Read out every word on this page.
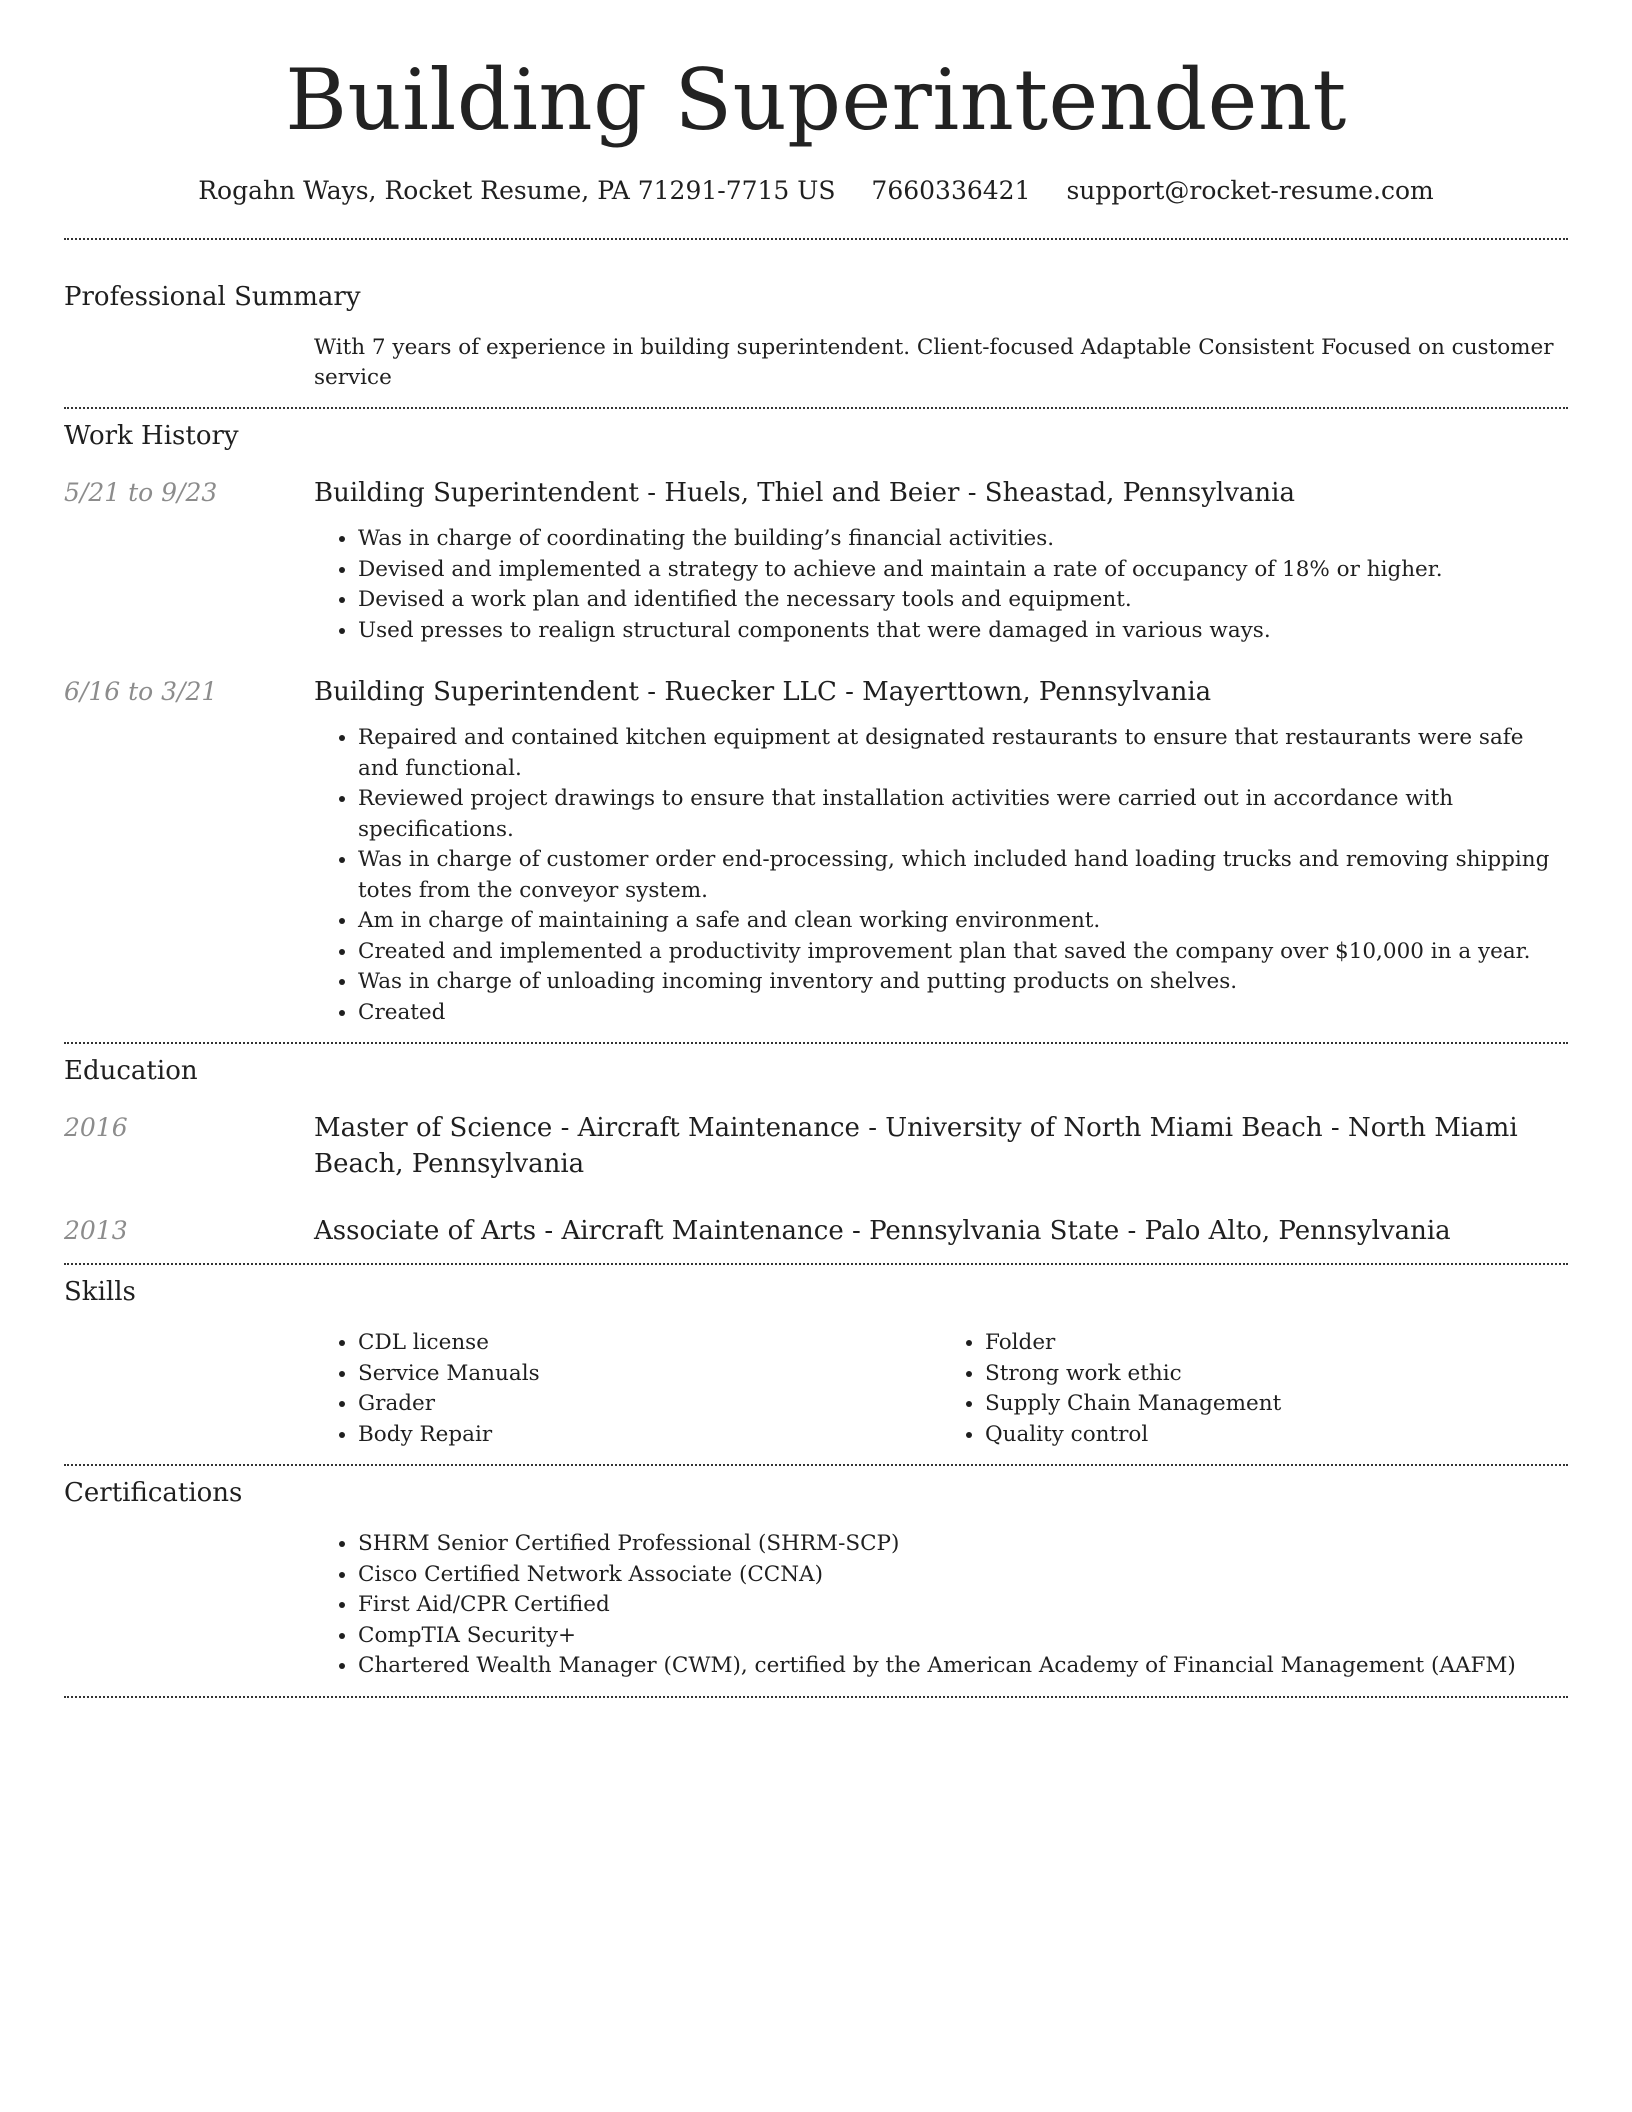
Building Superintendent
Rogahn Ways, Rocket Resume, PA 71291-7715 US 7660336421 support@rocket-resume.com
Professional Summary
With 7 years of experience in building superintendent. Client-focused Adaptable Consistent Focused on customer service
Work History
5/21 to 9/23	Building Superintendent - Huels, Thiel and Beier - Sheastad, Pennsylvania
• Was in charge of coordinating the building’s financial activities.
• Devised and implemented a strategy to achieve and maintain a rate of occupancy of 18% or higher.
• Devised a work plan and identified the necessary tools and equipment.
• Used presses to realign structural components that were damaged in various ways.
6/16 to 3/21	Building Superintendent - Ruecker LLC - Mayerttown, Pennsylvania
• Repaired and contained kitchen equipment at designated restaurants to ensure that restaurants were safe and functional.
• Reviewed project drawings to ensure that installation activities were carried out in accordance with specifications.
• Was in charge of customer order end-processing, which included hand loading trucks and removing shipping totes from the conveyor system.
• Am in charge of maintaining a safe and clean working environment.
• Created and implemented a productivity improvement plan that saved the company over $10,000 in a year.
• Was in charge of unloading incoming inventory and putting products on shelves.
• Created
Education
2016	Master of Science - Aircraft Maintenance - University of North Miami Beach - North Miami Beach, Pennsylvania
2013	Associate of Arts - Aircraft Maintenance - Pennsylvania State - Palo Alto, Pennsylvania
Skills
• CDL license
• Service Manuals
• Grader
• Body Repair
• Folder
• Strong work ethic
• Supply Chain Management
• Quality control
Certifications
• SHRM Senior Certified Professional (SHRM-SCP)
• Cisco Certified Network Associate (CCNA)
• First Aid/CPR Certified
• CompTIA Security+
• Chartered Wealth Manager (CWM), certified by the American Academy of Financial Management (AAFM)
